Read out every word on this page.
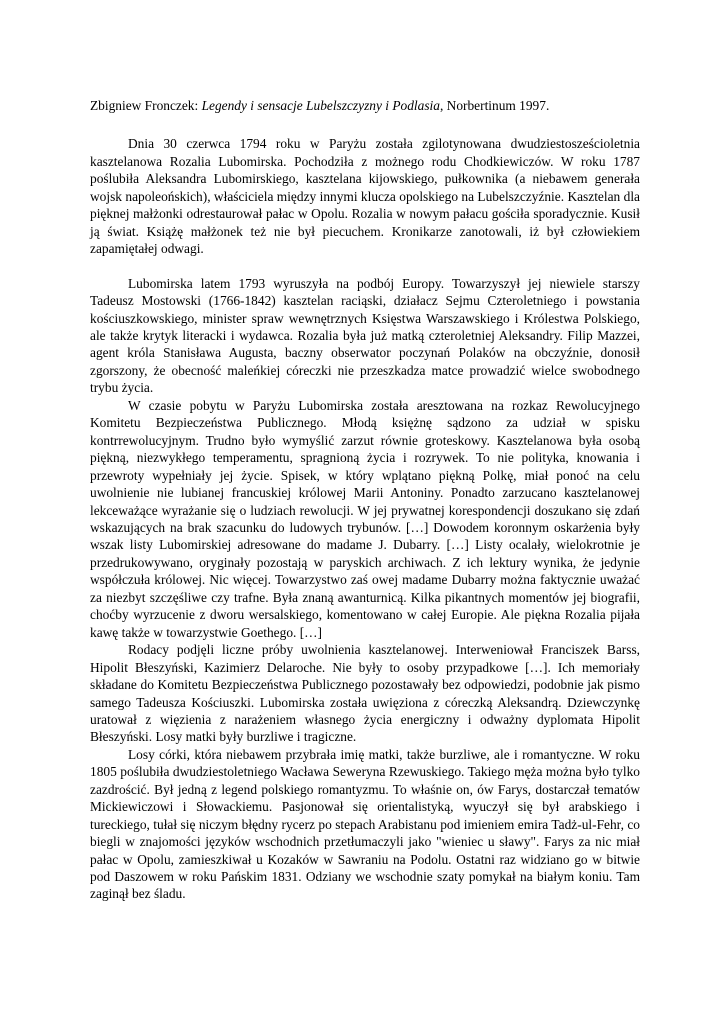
Zbigniew Fronczek: Legendy i sensacje Lubelszczyzny i Podlasia, Norbertinum 1997.

Dnia 30 czerwca 1794 roku w Paryżu została zgilotynowana dwudziestosześcioletnia kasztelanowa Rozalia Lubomirska. Pochodziła z możnego rodu Chodkiewiczów. W roku 1787 poślubiła Aleksandra Lubomirskiego, kasztelana kijowskiego, pułkownika (a niebawem generała wojsk napoleońskich), właściciela między innymi klucza opolskiego na Lubelszczyźnie. Kasztelan dla pięknej małżonki odrestaurował pałac w Opolu. Rozalia w nowym pałacu gościła sporadycznie. Kusił ją świat. Książę małżonek też nie był piecuchem. Kronikarze zanotowali, iż był człowiekiem zapamiętałej odwagi.

Lubomirska latem 1793 wyruszyła na podbój Europy. Towarzyszył jej niewiele starszy Tadeusz Mostowski (1766-1842) kasztelan raciąski, działacz Sejmu Czteroletniego i powstania kościuszkowskiego, minister spraw wewnętrznych Księstwa Warszawskiego i Królestwa Polskiego, ale także krytyk literacki i wydawca. Rozalia była już matką czteroletniej Aleksandry. Filip Mazzei, agent króla Stanisława Augusta, baczny obserwator poczynań Polaków na obczyźnie, donosił zgorszony, że obecność maleńkiej córeczki nie przeszkadza matce prowadzić wielce swobodnego trybu życia.

W czasie pobytu w Paryżu Lubomirska została aresztowana na rozkaz Rewolucyjnego Komitetu Bezpieczeństwa Publicznego. Młodą księżnę sądzono za udział w spisku kontrrewolucyjnym. Trudno było wymyślić zarzut równie groteskowy. Kasztelanowa była osobą piękną, niezwykłego temperamentu, spragnioną życia i rozrywek. To nie polityka, knowania i przewroty wypełniały jej życie. Spisek, w który wplątano piękną Polkę, miał ponoć na celu uwolnienie nie lubianej francuskiej królowej Marii Antoniny. Ponadto zarzucano kasztelanowej lekceważące wyrażanie się o ludziach rewolucji. W jej prywatnej korespondencji doszukano się zdań wskazujących na brak szacunku do ludowych trybunów. […] Dowodem koronnym oskarżenia były wszak listy Lubomirskiej adresowane do madame J. Dubarry. […] Listy ocalały, wielokrotnie je przedrukowywano, oryginały pozostają w paryskich archiwach. Z ich lektury wynika, że jedynie współczuła królowej. Nic więcej. Towarzystwo zaś owej madame Dubarry można faktycznie uważać za niezbyt szczęśliwe czy trafne. Była znaną awanturnicą. Kilka pikantnych momentów jej biografii, choćby wyrzucenie z dworu wersalskiego, komentowano w całej Europie. Ale piękna Rozalia pijała kawę także w towarzystwie Goethego. […]

Rodacy podjęli liczne próby uwolnienia kasztelanowej. Interweniował Franciszek Barss, Hipolit Błeszyński, Kazimierz Delaroche. Nie były to osoby przypadkowe […]. Ich memoriały składane do Komitetu Bezpieczeństwa Publicznego pozostawały bez odpowiedzi, podobnie jak pismo samego Tadeusza Kościuszki. Lubomirska została uwięziona z córeczką Aleksandrą. Dziewczynkę uratował z więzienia z narażeniem własnego życia energiczny i odważny dyplomata Hipolit Błeszyński. Losy matki były burzliwe i tragiczne.

Losy córki, która niebawem przybrała imię matki, także burzliwe, ale i romantyczne. W roku 1805 poślubiła dwudziestoletniego Wacława Seweryna Rzewuskiego. Takiego męża można było tylko zazdrościć. Był jedną z legend polskiego romantyzmu. To właśnie on, ów Farys, dostarczał tematów Mickiewiczowi i Słowackiemu. Pasjonował się orientalistyką, wyuczył się był arabskiego i tureckiego, tułał się niczym błędny rycerz po stepach Arabistanu pod imieniem emira Tadż-ul-Fehr, co biegli w znajomości języków wschodnich przetłumaczyli jako "wieniec u sławy". Farys za nic miał pałac w Opolu, zamieszkiwał u Kozaków w Sawraniu na Podolu. Ostatni raz widziano go w bitwie pod Daszowem w roku Pańskim 1831. Odziany we wschodnie szaty pomykał na białym koniu. Tam zaginął bez śladu.
